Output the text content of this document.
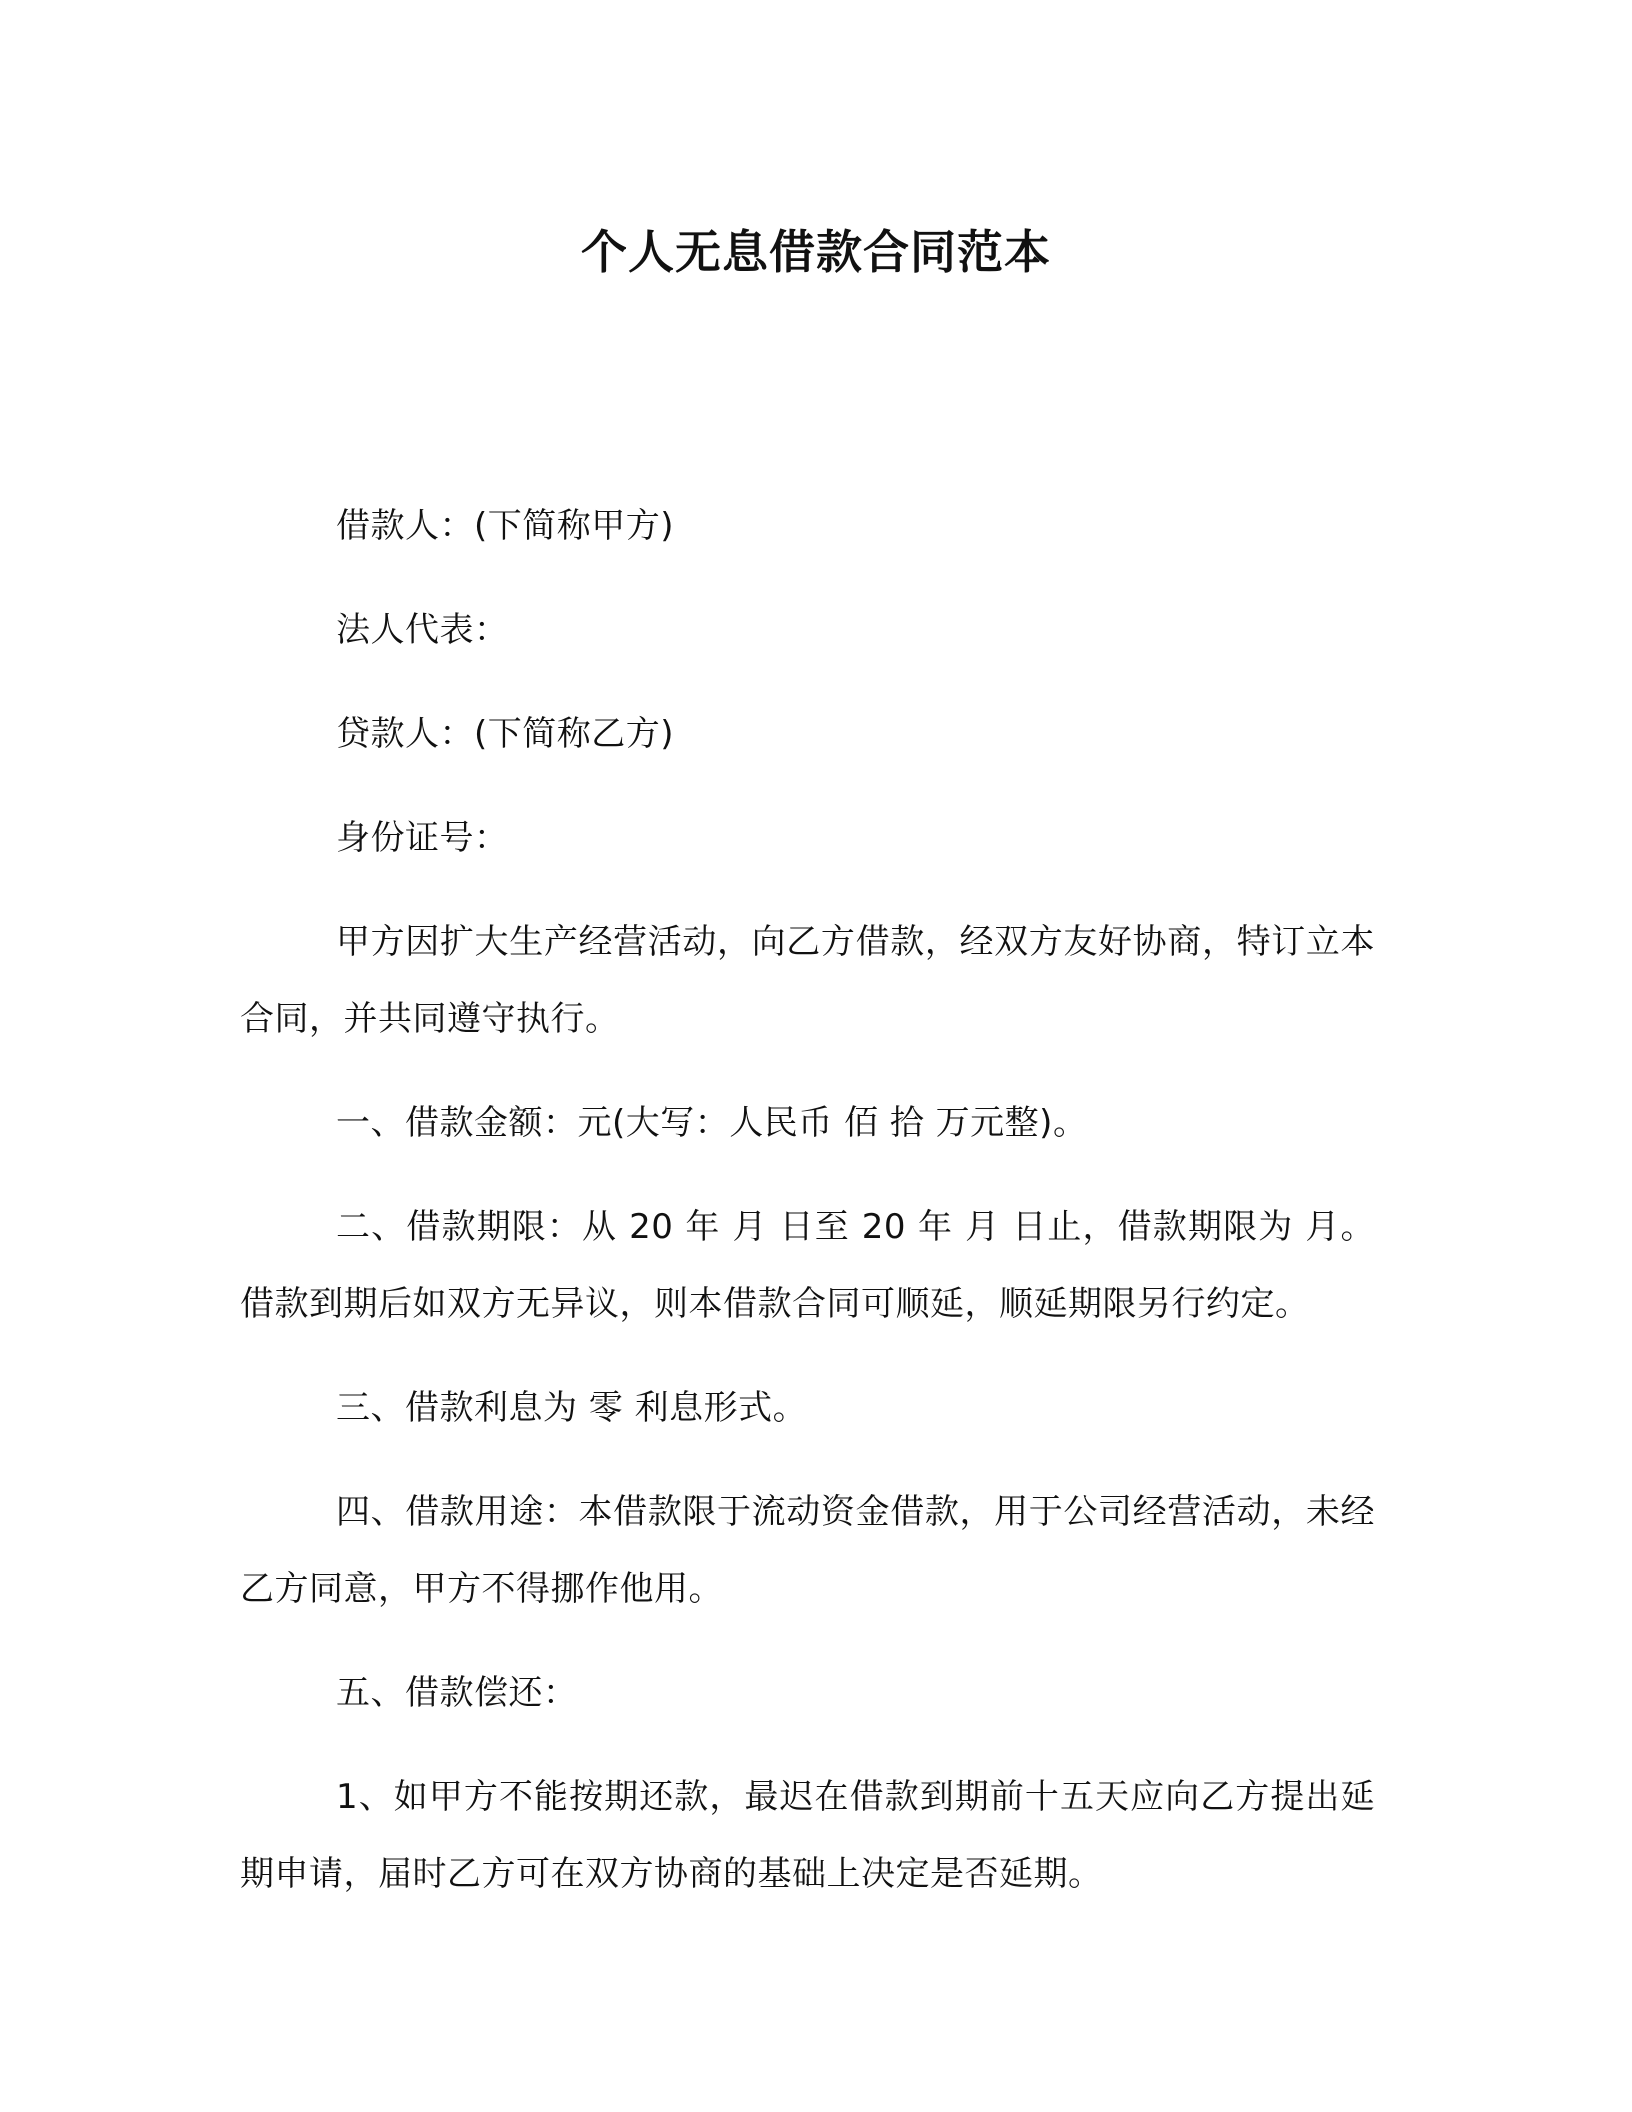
个人无息借款合同范本

借款人：(下简称甲方)

法人代表：

贷款人：(下简称乙方)

身份证号：

甲方因扩大生产经营活动，向乙方借款，经双方友好协商，特订立本合同，并共同遵守执行。

一、借款金额：元(大写：人民币 佰 拾 万元整)。

二、借款期限：从 20 年 月 日至 20 年 月 日止，借款期限为 月。借款到期后如双方无异议，则本借款合同可顺延，顺延期限另行约定。

三、借款利息为 零 利息形式。

四、借款用途：本借款限于流动资金借款，用于公司经营活动，未经乙方同意，甲方不得挪作他用。

五、借款偿还：

1、如甲方不能按期还款，最迟在借款到期前十五天应向乙方提出延期申请，届时乙方可在双方协商的基础上决定是否延期。
